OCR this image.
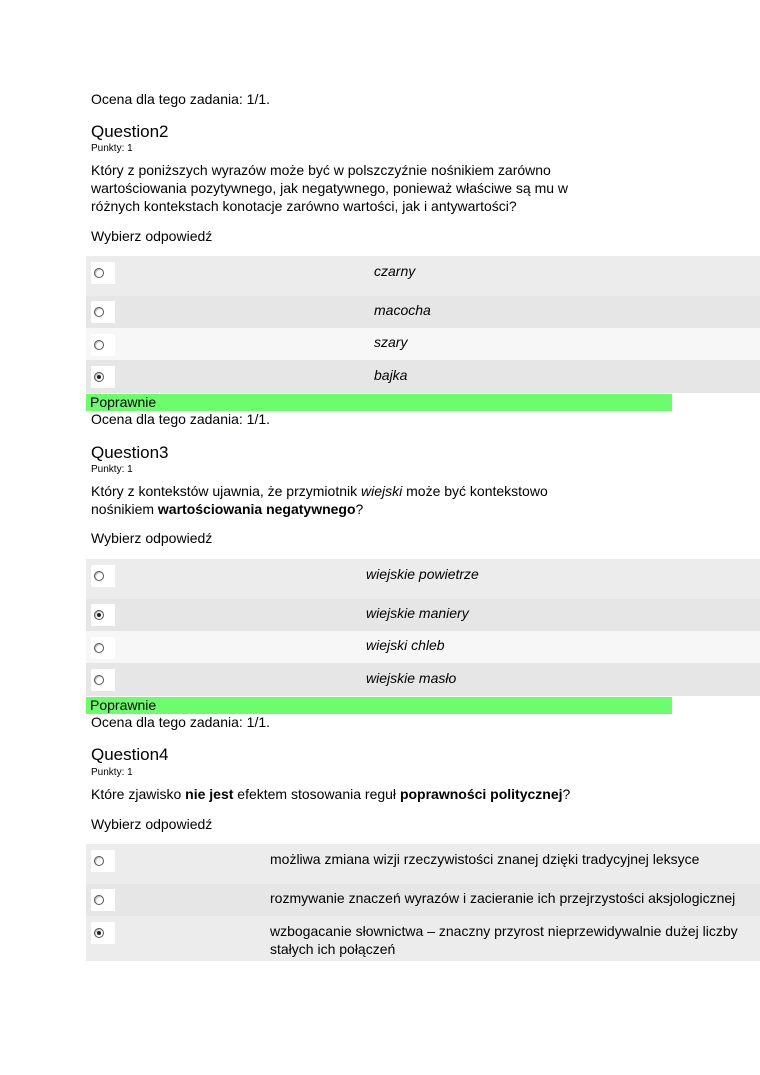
Ocena dla tego zadania: 1/1.
Question2
Punkty: 1
Który z poniższych wyrazów może być w polszczyźnie nośnikiem zarówno
wartościowania pozytywnego, jak negatywnego, ponieważ właściwe są mu w
różnych kontekstach konotacje zarówno wartości, jak i antywartości?
Wybierz odpowiedź
czarny
macocha
szary
bajka
Poprawnie
Ocena dla tego zadania: 1/1.
Question3
Punkty: 1
Który z kontekstów ujawnia, że przymiotnik wiejski może być kontekstowo
nośnikiem wartościowania negatywnego?
Wybierz odpowiedź
wiejskie powietrze
wiejskie maniery
wiejski chleb
wiejskie masło
Poprawnie
Ocena dla tego zadania: 1/1.
Question4
Punkty: 1
Które zjawisko nie jest efektem stosowania reguł poprawności politycznej?
Wybierz odpowiedź
możliwa zmiana wizji rzeczywistości znanej dzięki tradycyjnej leksyce
rozmywanie znaczeń wyrazów i zacieranie ich przejrzystości aksjologicznej
wzbogacanie słownictwa – znaczny przyrost nieprzewidywalnie dużej liczby
stałych ich połączeń
